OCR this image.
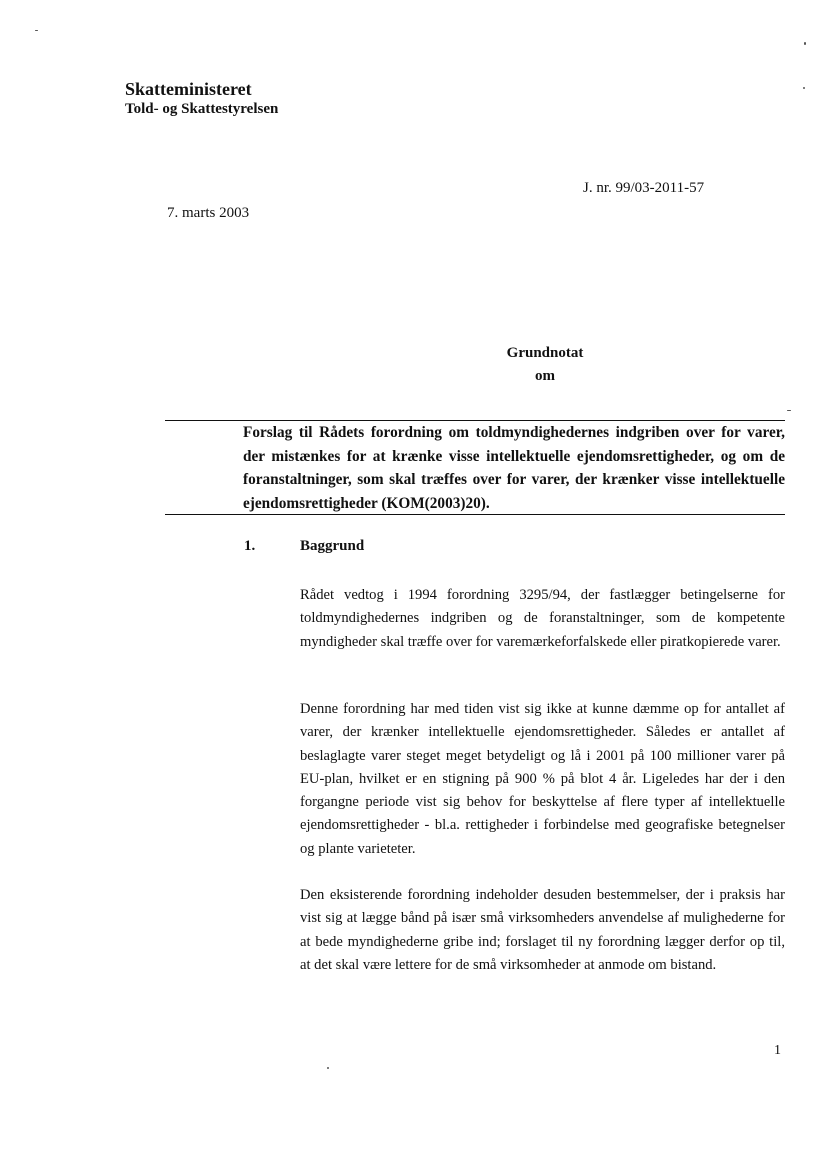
Skatteministeret
Told- og Skattestyrelsen
J. nr. 99/03-2011-57
7. marts 2003
Grundnotat
om
Forslag til Rådets forordning om toldmyndighedernes indgriben over for varer, der mistænkes for at krænke visse intellektuelle ejendomsrettigheder, og om de foranstaltninger, som skal træffes over for varer, der krænker visse intellektuelle ejendomsrettigheder (KOM(2003)20).
1.	Baggrund
Rådet vedtog i 1994 forordning 3295/94, der fastlægger betingelserne for toldmyndighedernes indgriben og de foranstaltninger, som de kompetente myndigheder skal træffe over for varemærkeforfalskede eller piratkopierede varer.
Denne forordning har med tiden vist sig ikke at kunne dæmme op for antallet af varer, der krænker intellektuelle ejendomsrettigheder. Således er antallet af beslaglagte varer steget meget betydeligt og lå i 2001 på 100 millioner varer på EU-plan, hvilket er en stigning på 900 % på blot 4 år. Ligeledes har der i den forgangne periode vist sig behov for beskyttelse af flere typer af intellektuelle ejendomsrettigheder - bl.a. rettigheder i forbindelse med geografiske betegnelser og plante varieteter.
Den eksisterende forordning indeholder desuden bestemmelser, der i praksis har vist sig at lægge bånd på især små virksomheders anvendelse af mulighederne for at bede myndighederne gribe ind; forslaget til ny forordning lægger derfor op til, at det skal være lettere for de små virksomheder at anmode om bistand.
1
